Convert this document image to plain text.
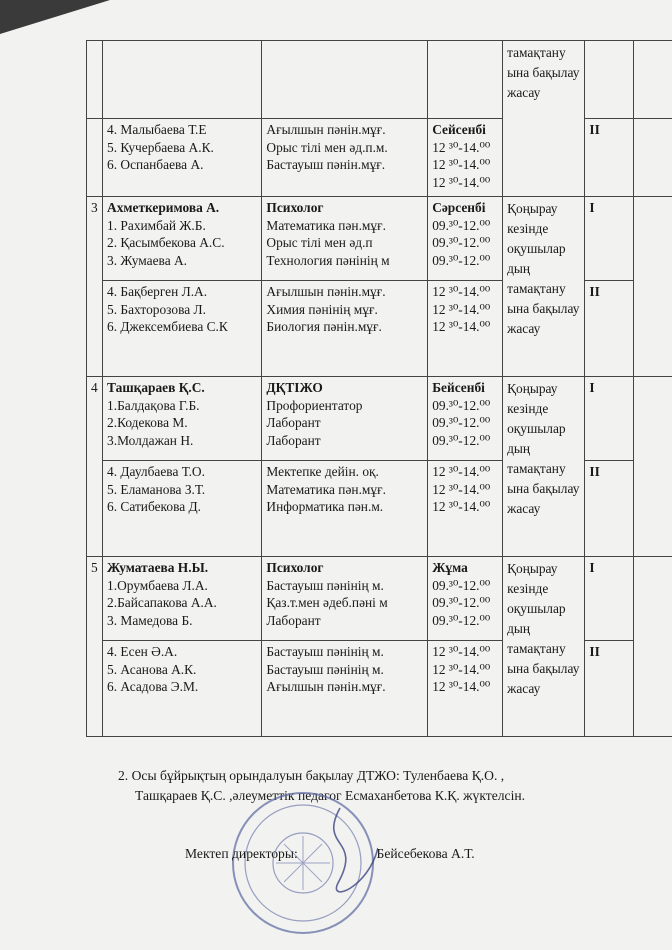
				тамақтану ына бақылау жасау		

	4. Малыбаева Т.Е
5. Кучербаева А.К.
6. Оспанбаева А.	Ағылшын пәнін.мұғ.
Орыс тілі мен әд.п.м.
Бастауыш пәнін.мұғ.	Сейсенбі
12 ³⁰-14.⁰⁰
12 ³⁰-14.⁰⁰
12 ³⁰-14.⁰⁰		II	
3	Ахметкеримова А.
1. Рахимбай Ж.Б.
2. Қасымбекова А.С.
3. Жумаева А.	Психолог
Математика пән.мұғ.
Орыс тілі мен әд.п
Технология пәнінің м	Сәрсенбі
09.³⁰-12.⁰⁰
09.³⁰-12.⁰⁰
09.³⁰-12.⁰⁰	Қоңырау кезінде оқушылар дың тамақтану ына бақылау жасау	I	

	4. Бақберген Л.А.
5. Бахторозова Л.
6. Джексембиева С.К	Ағылшын пәнін.мұғ.
Химия пәнінің мұғ.
Биология пәнін.мұғ.	12 ³⁰-14.⁰⁰
12 ³⁰-14.⁰⁰
12 ³⁰-14.⁰⁰		II	
4	Ташқараев Қ.С.
1.Балдақова Г.Б.
2.Кодекова М.
3.Молдажан Н.	ДҚТІЖО
Профориентатор
Лаборант
Лаборант	Бейсенбі
09.³⁰-12.⁰⁰
09.³⁰-12.⁰⁰
09.³⁰-12.⁰⁰	Қоңырау кезінде оқушылар дың тамақтану ына бақылау жасау	I	

	4. Даулбаева Т.О.
5. Еламанова З.Т.
6. Сатибекова Д.	Мектепке дейін. оқ.
Математика пән.мұғ.
Информатика пән.м.	12 ³⁰-14.⁰⁰
12 ³⁰-14.⁰⁰
12 ³⁰-14.⁰⁰		II	
5	Жуматаева Н.Ы.
1.Орумбаева Л.А.
2.Байсапакова А.А.
3. Мамедова Б.	Психолог
Бастауыш пәнінің м.
Қаз.т.мен әдеб.пәні м
Лаборант	Жұма
09.³⁰-12.⁰⁰
09.³⁰-12.⁰⁰
09.³⁰-12.⁰⁰	Қоңырау кезінде оқушылар дың тамақтану ына бақылау жасау	I	

	4. Есен Ә.А.
5. Асанова А.К.
6. Асадова Э.М.	Бастауыш пәнінің м.
Бастауыш пәнінің м.
Ағылшын пәнін.мұғ.	12 ³⁰-14.⁰⁰
12 ³⁰-14.⁰⁰
12 ³⁰-14.⁰⁰		II	
2. Осы бұйрықтың орындалуын бақылау ДТЖО: Туленбаева Қ.О. ,
Ташқараев Қ.С. ,әлеуметтік педагог Есмаханбетова К.Қ. жүктелсін.
Мектеп директоры:	Бейсебекова А.Т.
